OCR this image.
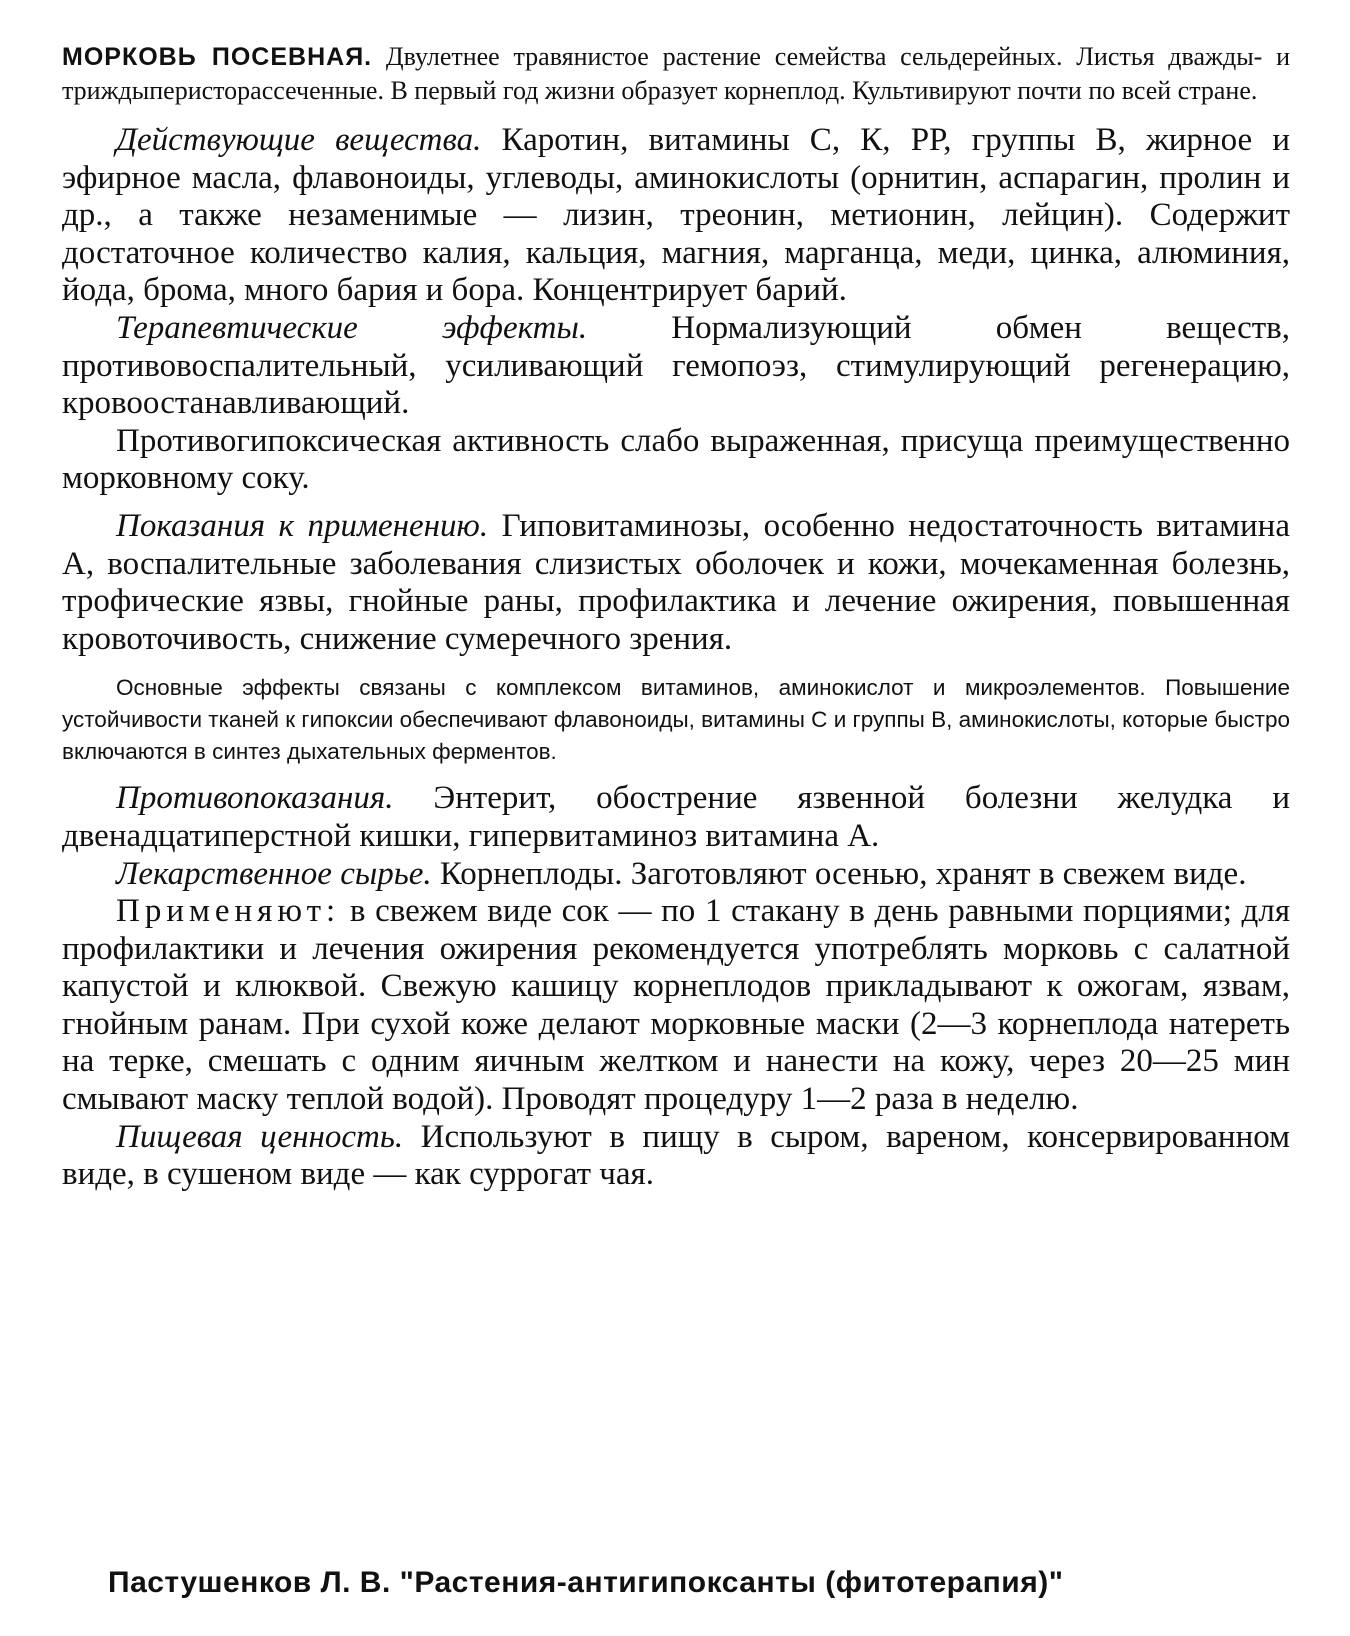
МОРКОВЬ ПОСЕВНАЯ. Двулетнее травянистое растение семейства сельдерейных. Листья дважды- и триждыперисторассеченные. В первый год жизни образует корнеплод. Культивируют почти по всей стране.

Действующие вещества. Каротин, витамины С, К, РР, группы В, жирное и эфирное масла, флавоноиды, углеводы, аминокислоты (орнитин, аспарагин, пролин и др., а также незаменимые — лизин, треонин, метионин, лейцин). Содержит достаточное количество калия, кальция, магния, марганца, меди, цинка, алюминия, йода, брома, много бария и бора. Концентрирует барий.

Терапевтические эффекты. Нормализующий обмен веществ, противовоспалительный, усиливающий гемопоэз, стимулирующий регенерацию, кровоостанавливающий.

Противогипоксическая активность слабо выраженная, присуща преимущественно морковному соку.

Показания к применению. Гиповитаминозы, особенно недостаточность витамина А, воспалительные заболевания слизистых оболочек и кожи, мочекаменная болезнь, трофические язвы, гнойные раны, профилактика и лечение ожирения, повышенная кровоточивость, снижение сумеречного зрения.

Основные эффекты связаны с комплексом витаминов, аминокислот и микроэлементов. Повышение устойчивости тканей к гипоксии обеспечивают флавоноиды, витамины С и группы В, аминокислоты, которые быстро включаются в синтез дыхательных ферментов.

Противопоказания. Энтерит, обострение язвенной болезни желудка и двенадцатиперстной кишки, гипервитаминоз витамина А.

Лекарственное сырье. Корнеплоды. Заготовляют осенью, хранят в свежем виде.

Применяют: в свежем виде сок — по 1 стакану в день равными порциями; для профилактики и лечения ожирения рекомендуется употреблять морковь с салатной капустой и клюквой. Свежую кашицу корнеплодов прикладывают к ожогам, язвам, гнойным ранам. При сухой коже делают морковные маски (2—3 корнеплода натереть на терке, смешать с одним яичным желтком и нанести на кожу, через 20—25 мин смывают маску теплой водой). Проводят процедуру 1—2 раза в неделю.

Пищевая ценность. Используют в пищу в сыром, вареном, консервированном виде, в сушеном виде — как суррогат чая.

Пастушенков Л. В. "Растения-антигипоксанты (фитотерапия)"
